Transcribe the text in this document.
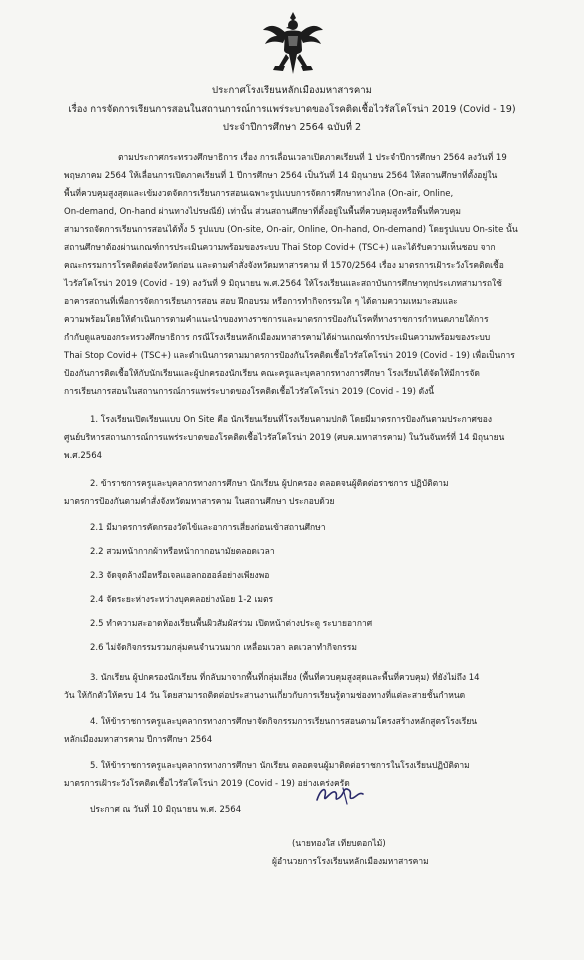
ประกาศโรงเรียนหลักเมืองมหาสารคาม
เรื่อง การจัดการเรียนการสอนในสถานการณ์การแพร่ระบาดของโรคติดเชื้อไวรัสโคโรน่า 2019 (Covid - 19)
ประจำปีการศึกษา 2564 ฉบับที่ 2
ตามประกาศกระทรวงศึกษาธิการ เรื่อง การเลื่อนเวลาเปิดภาคเรียนที่ 1 ประจำปีการศึกษา 2564 ลงวันที่ 19
พฤษภาคม 2564 ให้เลื่อนการเปิดภาคเรียนที่ 1 ปีการศึกษา 2564 เป็นวันที่ 14 มิถุนายน 2564 ให้สถานศึกษาที่ตั้งอยู่ใน
พื้นที่ควบคุมสูงสุดและเข้มงวดจัดการเรียนการสอนเฉพาะรูปแบบการจัดการศึกษาทางไกล (On-air, Online,
On-demand, On-hand ผ่านทางไปรษณีย์) เท่านั้น ส่วนสถานศึกษาที่ตั้งอยู่ในพื้นที่ควบคุมสูงหรือพื้นที่ควบคุม
สามารถจัดการเรียนการสอนได้ทั้ง 5 รูปแบบ (On-site, On-air, Online, On-hand, On-demand) โดยรูปแบบ On-site นั้น
สถานศึกษาต้องผ่านเกณฑ์การประเมินความพร้อมของระบบ Thai Stop Covid+ (TSC+) และได้รับความเห็นชอบ จาก
คณะกรรมการโรคติดต่อจังหวัดก่อน และตามคำสั่งจังหวัดมหาสารคาม ที่ 1570/2564 เรื่อง มาตรการเฝ้าระวังโรคติดเชื้อ
ไวรัสโคโรน่า 2019 (Covid - 19) ลงวันที่ 9 มิถุนายน พ.ศ.2564 ให้โรงเรียนและสถาบันการศึกษาทุกประเภทสามารถใช้
อาคารสถานที่เพื่อการจัดการเรียนการสอน สอบ ฝึกอบรม หรือการทำกิจกรรมใด ๆ ได้ตามความเหมาะสมและ
ความพร้อมโดยให้ดำเนินการตามคำแนะนำของทางราชการและมาตรการป้องกันโรคที่ทางราชการกำหนดภายใต้การ
กำกับดูแลของกระทรวงศึกษาธิการ กรณีโรงเรียนหลักเมืองมหาสารคามได้ผ่านเกณฑ์การประเมินความพร้อมของระบบ
Thai Stop Covid+ (TSC+) และดำเนินการตามมาตรการป้องกันโรคติดเชื้อไวรัสโคโรน่า 2019 (Covid - 19) เพื่อเป็นการ
ป้องกันการติดเชื้อให้กับนักเรียนและผู้ปกครองนักเรียน คณะครูและบุคลากรทางการศึกษา โรงเรียนได้จัดให้มีการจัด
การเรียนการสอนในสถานการณ์การแพร่ระบาดของโรคติดเชื้อไวรัสโคโรน่า 2019 (Covid - 19) ดังนี้
1. โรงเรียนเปิดเรียนแบบ On Site คือ นักเรียนเรียนที่โรงเรียนตามปกติ โดยมีมาตรการป้องกันตามประกาศของ
ศูนย์บริหารสถานการณ์การแพร่ระบาดของโรคติดเชื้อไวรัสโคโรน่า 2019 (ศบค.มหาสารคาม) ในวันจันทร์ที่ 14 มิถุนายน
พ.ศ.2564
2. ข้าราชการครูและบุคลากรทางการศึกษา นักเรียน ผู้ปกครอง ตลอดจนผู้ติดต่อราชการ ปฏิบัติตาม
มาตรการป้องกันตามคำสั่งจังหวัดมหาสารคาม ในสถานศึกษา ประกอบด้วย
2.1 มีมาตรการคัดกรองวัดไข้และอาการเสี่ยงก่อนเข้าสถานศึกษา
2.2 สวมหน้ากากผ้าหรือหน้ากากอนามัยตลอดเวลา
2.3 จัดจุดล้างมือหรือเจลแอลกอฮอล์อย่างเพียงพอ
2.4 จัดระยะห่างระหว่างบุคคลอย่างน้อย 1-2 เมตร
2.5 ทำความสะอาดห้องเรียนพื้นผิวสัมผัสร่วม เปิดหน้าต่างประตู ระบายอากาศ
2.6 ไม่จัดกิจกรรมรวมกลุ่มคนจำนวนมาก เหลื่อมเวลา ลดเวลาทำกิจกรรม
3. นักเรียน ผู้ปกครองนักเรียน ที่กลับมาจากพื้นที่กลุ่มเสี่ยง (พื้นที่ควบคุมสูงสุดและพื้นที่ควบคุม) ที่ยังไม่ถึง 14
วัน ให้กักตัวให้ครบ 14 วัน โดยสามารถติดต่อประสานงานเกี่ยวกับการเรียนรู้ตามช่องทางที่แต่ละสายชั้นกำหนด
4. ให้ข้าราชการครูและบุคลากรทางการศึกษาจัดกิจกรรมการเรียนการสอนตามโครงสร้างหลักสูตรโรงเรียน
หลักเมืองมหาสารคาม ปีการศึกษา 2564
5. ให้ข้าราชการครูและบุคลากรทางการศึกษา นักเรียน ตลอดจนผู้มาติดต่อราชการในโรงเรียนปฏิบัติตาม
มาตรการเฝ้าระวังโรคติดเชื้อไวรัสโคโรน่า 2019 (Covid - 19) อย่างเคร่งครัด
ประกาศ ณ วันที่ 10 มิถุนายน พ.ศ. 2564
(นายทองใส เทียบดอกไม้)
ผู้อำนวยการโรงเรียนหลักเมืองมหาสารคาม
